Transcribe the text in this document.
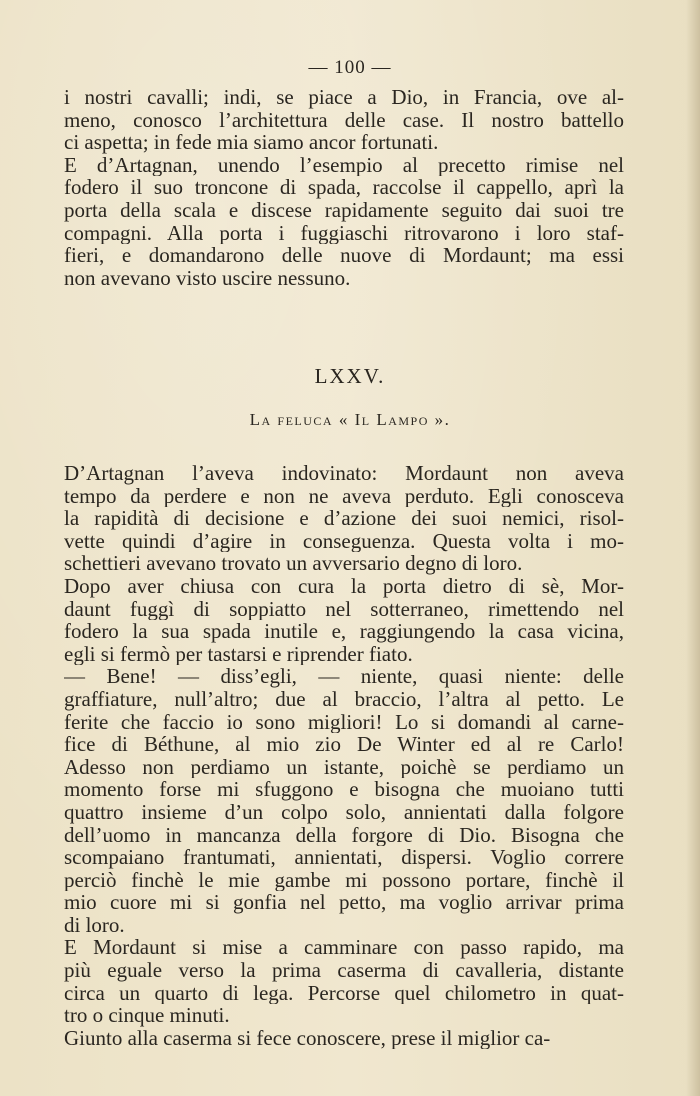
— 100 —
i nostri cavalli; indi, se piace a Dio, in Francia, ove al-
meno, conosco l’architettura delle case. Il nostro battello
ci aspetta; in fede mia siamo ancor fortunati.
E d’Artagnan, unendo l’esempio al precetto rimise nel
fodero il suo troncone di spada, raccolse il cappello, aprì la
porta della scala e discese rapidamente seguito dai suoi tre
compagni. Alla porta i fuggiaschi ritrovarono i loro staf-
fieri, e domandarono delle nuove di Mordaunt; ma essi
non avevano visto uscire nessuno.
LXXV.
La feluca « Il Lampo ».
D’Artagnan l’aveva indovinato: Mordaunt non aveva
tempo da perdere e non ne aveva perduto. Egli conosceva
la rapidità di decisione e d’azione dei suoi nemici, risol-
vette quindi d’agire in conseguenza. Questa volta i mo-
schettieri avevano trovato un avversario degno di loro.
Dopo aver chiusa con cura la porta dietro di sè, Mor-
daunt fuggì di soppiatto nel sotterraneo, rimettendo nel
fodero la sua spada inutile e, raggiungendo la casa vicina,
egli si fermò per tastarsi e riprender fiato.
— Bene! — diss’egli, — niente, quasi niente: delle
graffiature, null’altro; due al braccio, l’altra al petto. Le
ferite che faccio io sono migliori! Lo si domandi al carne-
fice di Béthune, al mio zio De Winter ed al re Carlo!
Adesso non perdiamo un istante, poichè se perdiamo un
momento forse mi sfuggono e bisogna che muoiano tutti
quattro insieme d’un colpo solo, annientati dalla folgore
dell’uomo in mancanza della forgore di Dio. Bisogna che
scompaiano frantumati, annientati, dispersi. Voglio correre
perciò finchè le mie gambe mi possono portare, finchè il
mio cuore mi si gonfia nel petto, ma voglio arrivar prima
di loro.
E Mordaunt si mise a camminare con passo rapido, ma
più eguale verso la prima caserma di cavalleria, distante
circa un quarto di lega. Percorse quel chilometro in quat-
tro o cinque minuti.
Giunto alla caserma si fece conoscere, prese il miglior ca-
